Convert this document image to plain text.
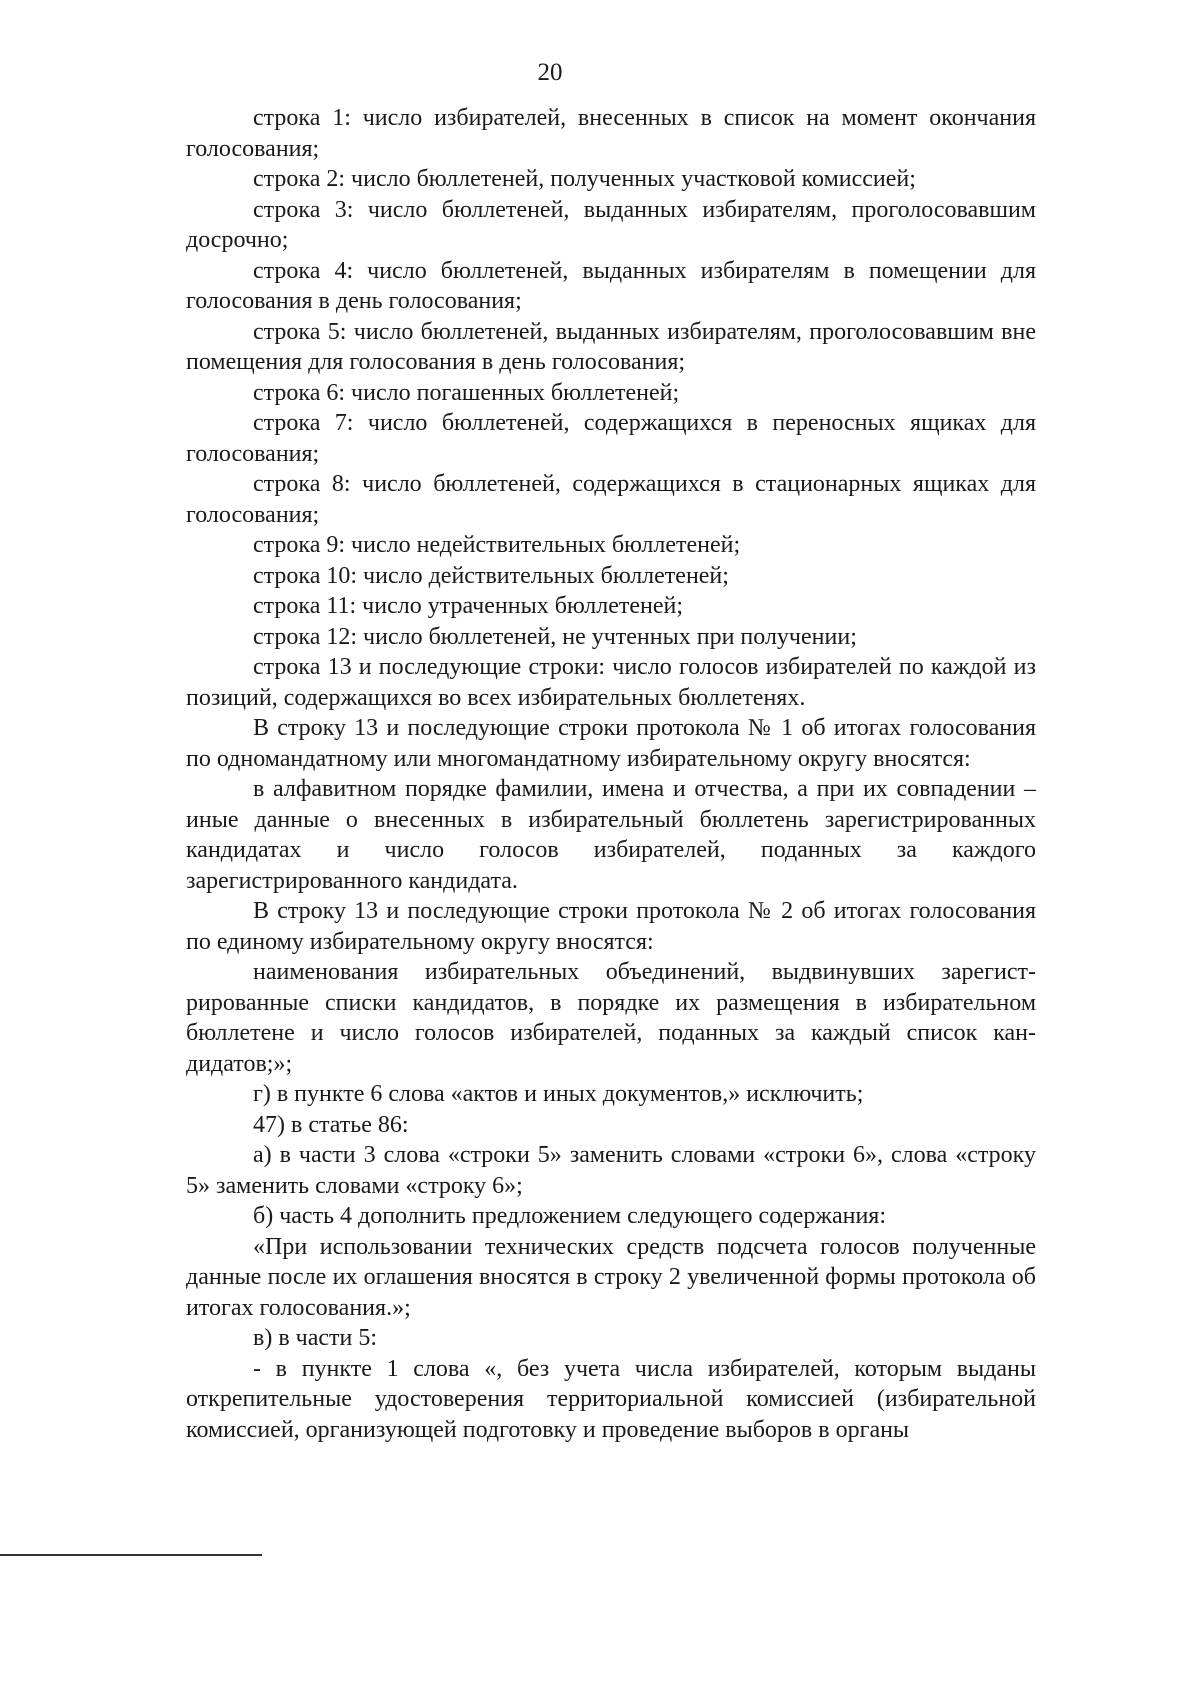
20

строка 1: число избирателей, внесенных в список на момент окончания голосования;

строка 2: число бюллетеней, полученных участковой комиссией;

строка 3: число бюллетеней, выданных избирателям, проголосовавшим досрочно;

строка 4: число бюллетеней, выданных избирателям в помещении для голосования в день голосования;

строка 5: число бюллетеней, выданных избирателям, проголосовавшим вне помещения для голосования в день голосования;

строка 6: число погашенных бюллетеней;

строка 7: число бюллетеней, содержащихся в переносных ящиках для голосования;

строка 8: число бюллетеней, содержащихся в стационарных ящиках для голосования;

строка 9: число недействительных бюллетеней;

строка 10: число действительных бюллетеней;

строка 11: число утраченных бюллетеней;

строка 12: число бюллетеней, не учтенных при получении;

строка 13 и последующие строки: число голосов избирателей по каждой из позиций, содержащихся во всех избирательных бюллетенях.

В строку 13 и последующие строки протокола № 1 об итогах голосования по одномандатному или многомандатному избирательному округу вносятся:

в алфавитном порядке фамилии, имена и отчества, а при их совпадении – иные данные о внесенных в избирательный бюллетень зарегистрированных кандидатах и число голосов избирателей, поданных за каждого зарегистрированного кандидата.

В строку 13 и последующие строки протокола № 2 об итогах голосования по единому избирательному округу вносятся:

наименования избирательных объединений, выдвинувших зарегистрированные списки кандидатов, в порядке их размещения в избирательном бюллетене и число голосов избирателей, поданных за каждый список кандидатов;»;

г) в пункте 6 слова «актов и иных документов,» исключить;

47) в статье 86:

а) в части 3 слова «строки 5» заменить словами «строки 6», слова «строку 5» заменить словами «строку 6»;

б) часть 4 дополнить предложением следующего содержания:

«При использовании технических средств подсчета голосов полученные данные после их оглашения вносятся в строку 2 увеличенной формы протокола об итогах голосования.»;

в) в части 5:

- в пункте 1 слова «, без учета числа избирателей, которым выданы открепительные удостоверения территориальной комиссией (избирательной комиссией, организующей подготовку и проведение выборов в органы
